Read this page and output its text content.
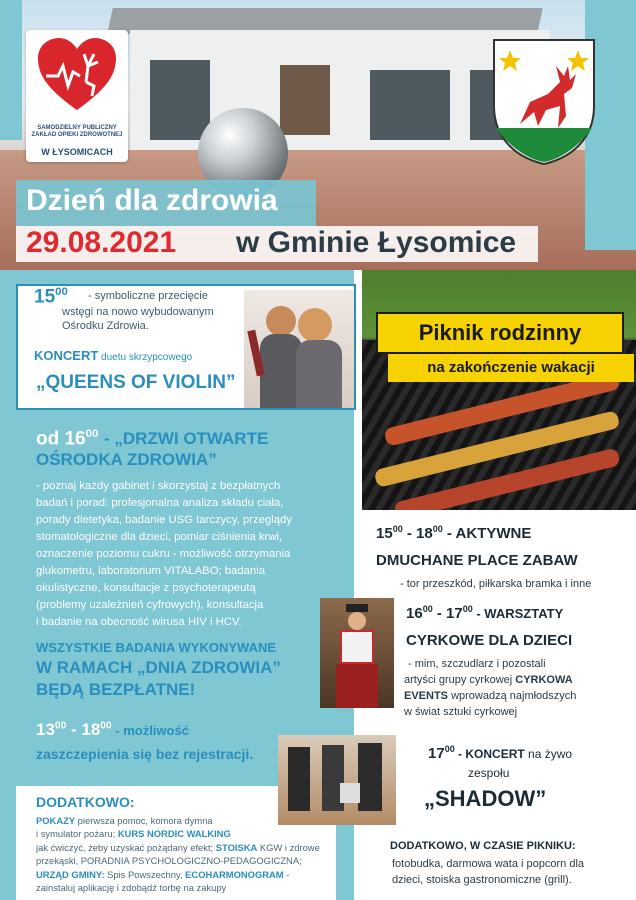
SAMODZIELNY PUBLICZNY
ZAKŁAD OPIEKI ZDROWOTNEJ
W ŁYSOMICACH
Dzień dla zdrowia
29.08.2021 w Gminie Łysomice
$15^{00}$ - symboliczne przecięcie
wstęgi na nowo wybudowanym
Ośrodku Zdrowia.
KONCERT duetu skrzypcowego
„QUEENS OF VIOLIN”
od $16^{00}$ - „DRZWI OTWARTE
OŚRODKA ZDROWIA”
- poznaj każdy gabinet i skorzystaj z bezpłatnych
badań i porad: profesjonalna analiza składu ciała,
porady dietetyka, badanie USG tarczycy, przeglądy
stomatologiczne dla dzieci, pomiar ciśnienia krwi,
oznaczenie poziomu cukru - możliwość otrzymania
glukometru, laboratorium VITALABO; badania
okulistyczne, konsultacje z psychoterapeutą
(problemy uzależnień cyfrowych), konsultacja
i badanie na obecność wirusa HIV i HCV.
WSZYSTKIE BADANIA WYKONYWANE
W RAMACH „DNIA ZDROWIA”
BĘDĄ BEZPŁATNE!
$13^{00} - 18^{00}$ - możliwość
zaszczepienia się bez rejestracji.
DODATKOWO:
POKAZY pierwsza pomoc, komora dymna
i symulator pożaru; KURS NORDIC WALKING
jak ćwiczyć, żeby uzyskać pożądany efekt; STOISKA KGW i zdrowe
przekąski, PORADNIA PSYCHOLOGICZNO-PEDAGOGICZNA;
URZĄD GMINY: Spis Powszechny, ECOHARMONOGRAM -
zainstaluj aplikację i zdobądź torbę na zakupy
Piknik rodzinny
na zakończenie wakacji
$15^{00} - 18^{00}$ - AKTYWNE
DMUCHANE PLACE ZABAW
- tor przeszkód, piłkarska bramka i inne
$16^{00} - 17^{00}$ - WARSZTATY
CYRKOWE DLA DZIECI
- mim, szczudlarz i pozostali
artyści grupy cyrkowej CYRKOWA
EVENTS wprowadzą najmłodszych
w świat sztuki cyrkowej
$17^{00}$ - KONCERT na żywo
zespołu
„SHADOW”
DODATKOWO, W CZASIE PIKNIKU:
fotobudka, darmowa wata i popcorn dla
dzieci, stoiska gastronomiczne (grill).
